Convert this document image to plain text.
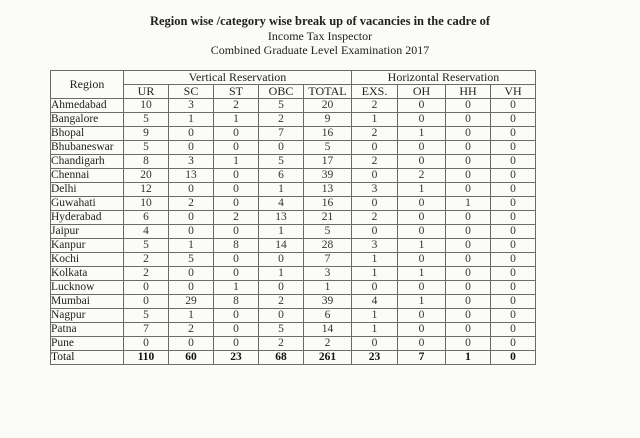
Region wise /category wise break up of vacancies in the cadre of
Income Tax Inspector
Combined Graduate Level Examination 2017
Region	Vertical Reservation					Horizontal Reservation			
	UR	SC	ST	OBC	TOTAL	EXS.	OH	HH	VH
Ahmedabad	10	3	2	5	20	2	0	0	0
Bangalore	5	1	1	2	9	1	0	0	0
Bhopal	9	0	0	7	16	2	1	0	0
Bhubaneswar	5	0	0	0	5	0	0	0	0
Chandigarh	8	3	1	5	17	2	0	0	0
Chennai	20	13	0	6	39	0	2	0	0
Delhi	12	0	0	1	13	3	1	0	0
Guwahati	10	2	0	4	16	0	0	1	0
Hyderabad	6	0	2	13	21	2	0	0	0
Jaipur	4	0	0	1	5	0	0	0	0
Kanpur	5	1	8	14	28	3	1	0	0
Kochi	2	5	0	0	7	1	0	0	0
Kolkata	2	0	0	1	3	1	1	0	0
Lucknow	0	0	1	0	1	0	0	0	0
Mumbai	0	29	8	2	39	4	1	0	0
Nagpur	5	1	0	0	6	1	0	0	0
Patna	7	2	0	5	14	1	0	0	0
Pune	0	0	0	2	2	0	0	0	0
Total	110	60	23	68	261	23	7	1	0
